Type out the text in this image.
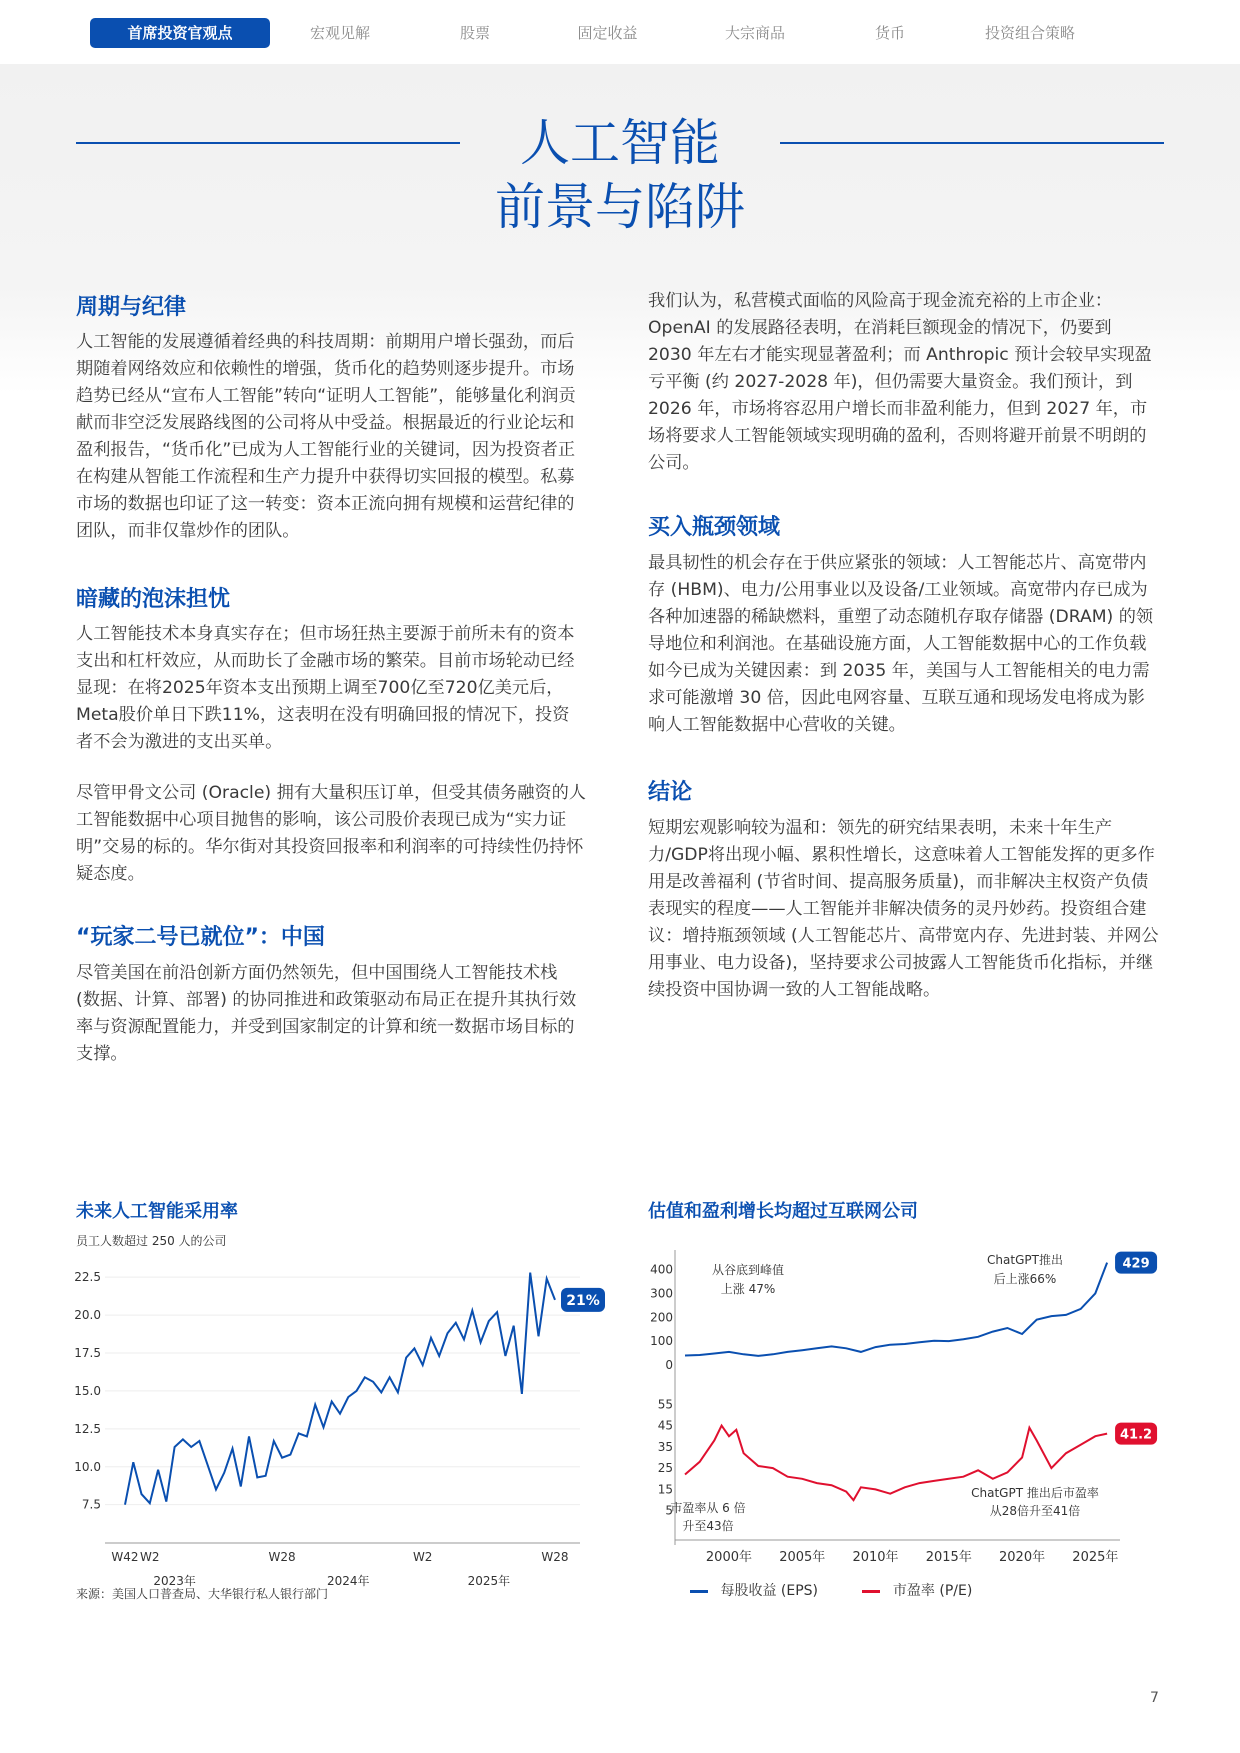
首席投资官观点	宏观见解	股票	固定收益	大宗商品	货币	投资组合策略
人工智能
前景与陷阱
周期与纪律

人工智能的发展遵循着经典的科技周期：前期用户增长强劲，而后期随着网络效应和依赖性的增强，货币化的趋势则逐步提升。市场趋势已经从“宣布人工智能”转向“证明人工智能”，能够量化利润贡献而非空泛发展路线图的公司将从中受益。根据最近的行业论坛和盈利报告，“货币化”已成为人工智能行业的关键词，因为投资者正在构建从智能工作流程和生产力提升中获得切实回报的模型。私募市场的数据也印证了这一转变：资本正流向拥有规模和运营纪律的团队，而非仅靠炒作的团队。

暗藏的泡沫担忧

人工智能技术本身真实存在；但市场狂热主要源于前所未有的资本支出和杠杆效应，从而助长了金融市场的繁荣。目前市场轮动已经显现：在将2025年资本支出预期上调至700亿至720亿美元后，Meta股价单日下跌11%，这表明在没有明确回报的情况下，投资者不会为激进的支出买单。

尽管甲骨文公司 (Oracle) 拥有大量积压订单，但受其债务融资的人工智能数据中心项目抛售的影响，该公司股价表现已成为“实力证明”交易的标的。华尔街对其投资回报率和利润率的可持续性仍持怀疑态度。

“玩家二号已就位”：中国

尽管美国在前沿创新方面仍然领先，但中国围绕人工智能技术栈 (数据、计算、部署) 的协同推进和政策驱动布局正在提升其执行效率与资源配置能力，并受到国家制定的计算和统一数据市场目标的支撑。

我们认为，私营模式面临的风险高于现金流充裕的上市企业：OpenAI 的发展路径表明，在消耗巨额现金的情况下，仍要到 2030 年左右才能实现显著盈利；而 Anthropic 预计会较早实现盈亏平衡 (约 2027-2028 年)，但仍需要大量资金。我们预计，到 2026 年，市场将容忍用户增长而非盈利能力，但到 2027 年，市场将要求人工智能领域实现明确的盈利，否则将避开前景不明朗的公司。

买入瓶颈领域

最具韧性的机会存在于供应紧张的领域：人工智能芯片、高宽带内存 (HBM)、电力/公用事业以及设备/工业领域。高宽带内存已成为各种加速器的稀缺燃料，重塑了动态随机存取存储器 (DRAM) 的领导地位和利润池。在基础设施方面，人工智能数据中心的工作负载如今已成为关键因素：到 2035 年，美国与人工智能相关的电力需求可能激增 30 倍，因此电网容量、互联互通和现场发电将成为影响人工智能数据中心营收的关键。

结论

短期宏观影响较为温和：领先的研究结果表明，未来十年生产力/GDP将出现小幅、累积性增长，这意味着人工智能发挥的更多作用是改善福利 (节省时间、提高服务质量)，而非解决主权资产负债表现实的程度——人工智能并非解决债务的灵丹妙药。投资组合建议：增持瓶颈领域 (人工智能芯片、高带宽内存、先进封装、并网公用事业、电力设备)，坚持要求公司披露人工智能货币化指标，并继续投资中国协调一致的人工智能战略。

未来人工智能采用率
员工人数超过 250 人的公司
7.5
10.0
12.5
15.0
17.5
20.0
22.5
W42 W2	W28	W2	W28
2023年	2024年	2025年
21%
来源：美国人口普查局、大华银行私人银行部门
估值和盈利增长均超过互联网公司
0
100
200
300
400	429
5
15
25
35
45
55
41.2
2000年 2005年 2010年 2015年 2020年 2025年
从谷底到峰值
上涨 47%
ChatGPT推出
后上涨66%
市盈率从 6 倍
升至43倍
ChatGPT 推出后市盈率
从28倍升至41倍
每股收益 (EPS)	市盈率 (P/E)
7
